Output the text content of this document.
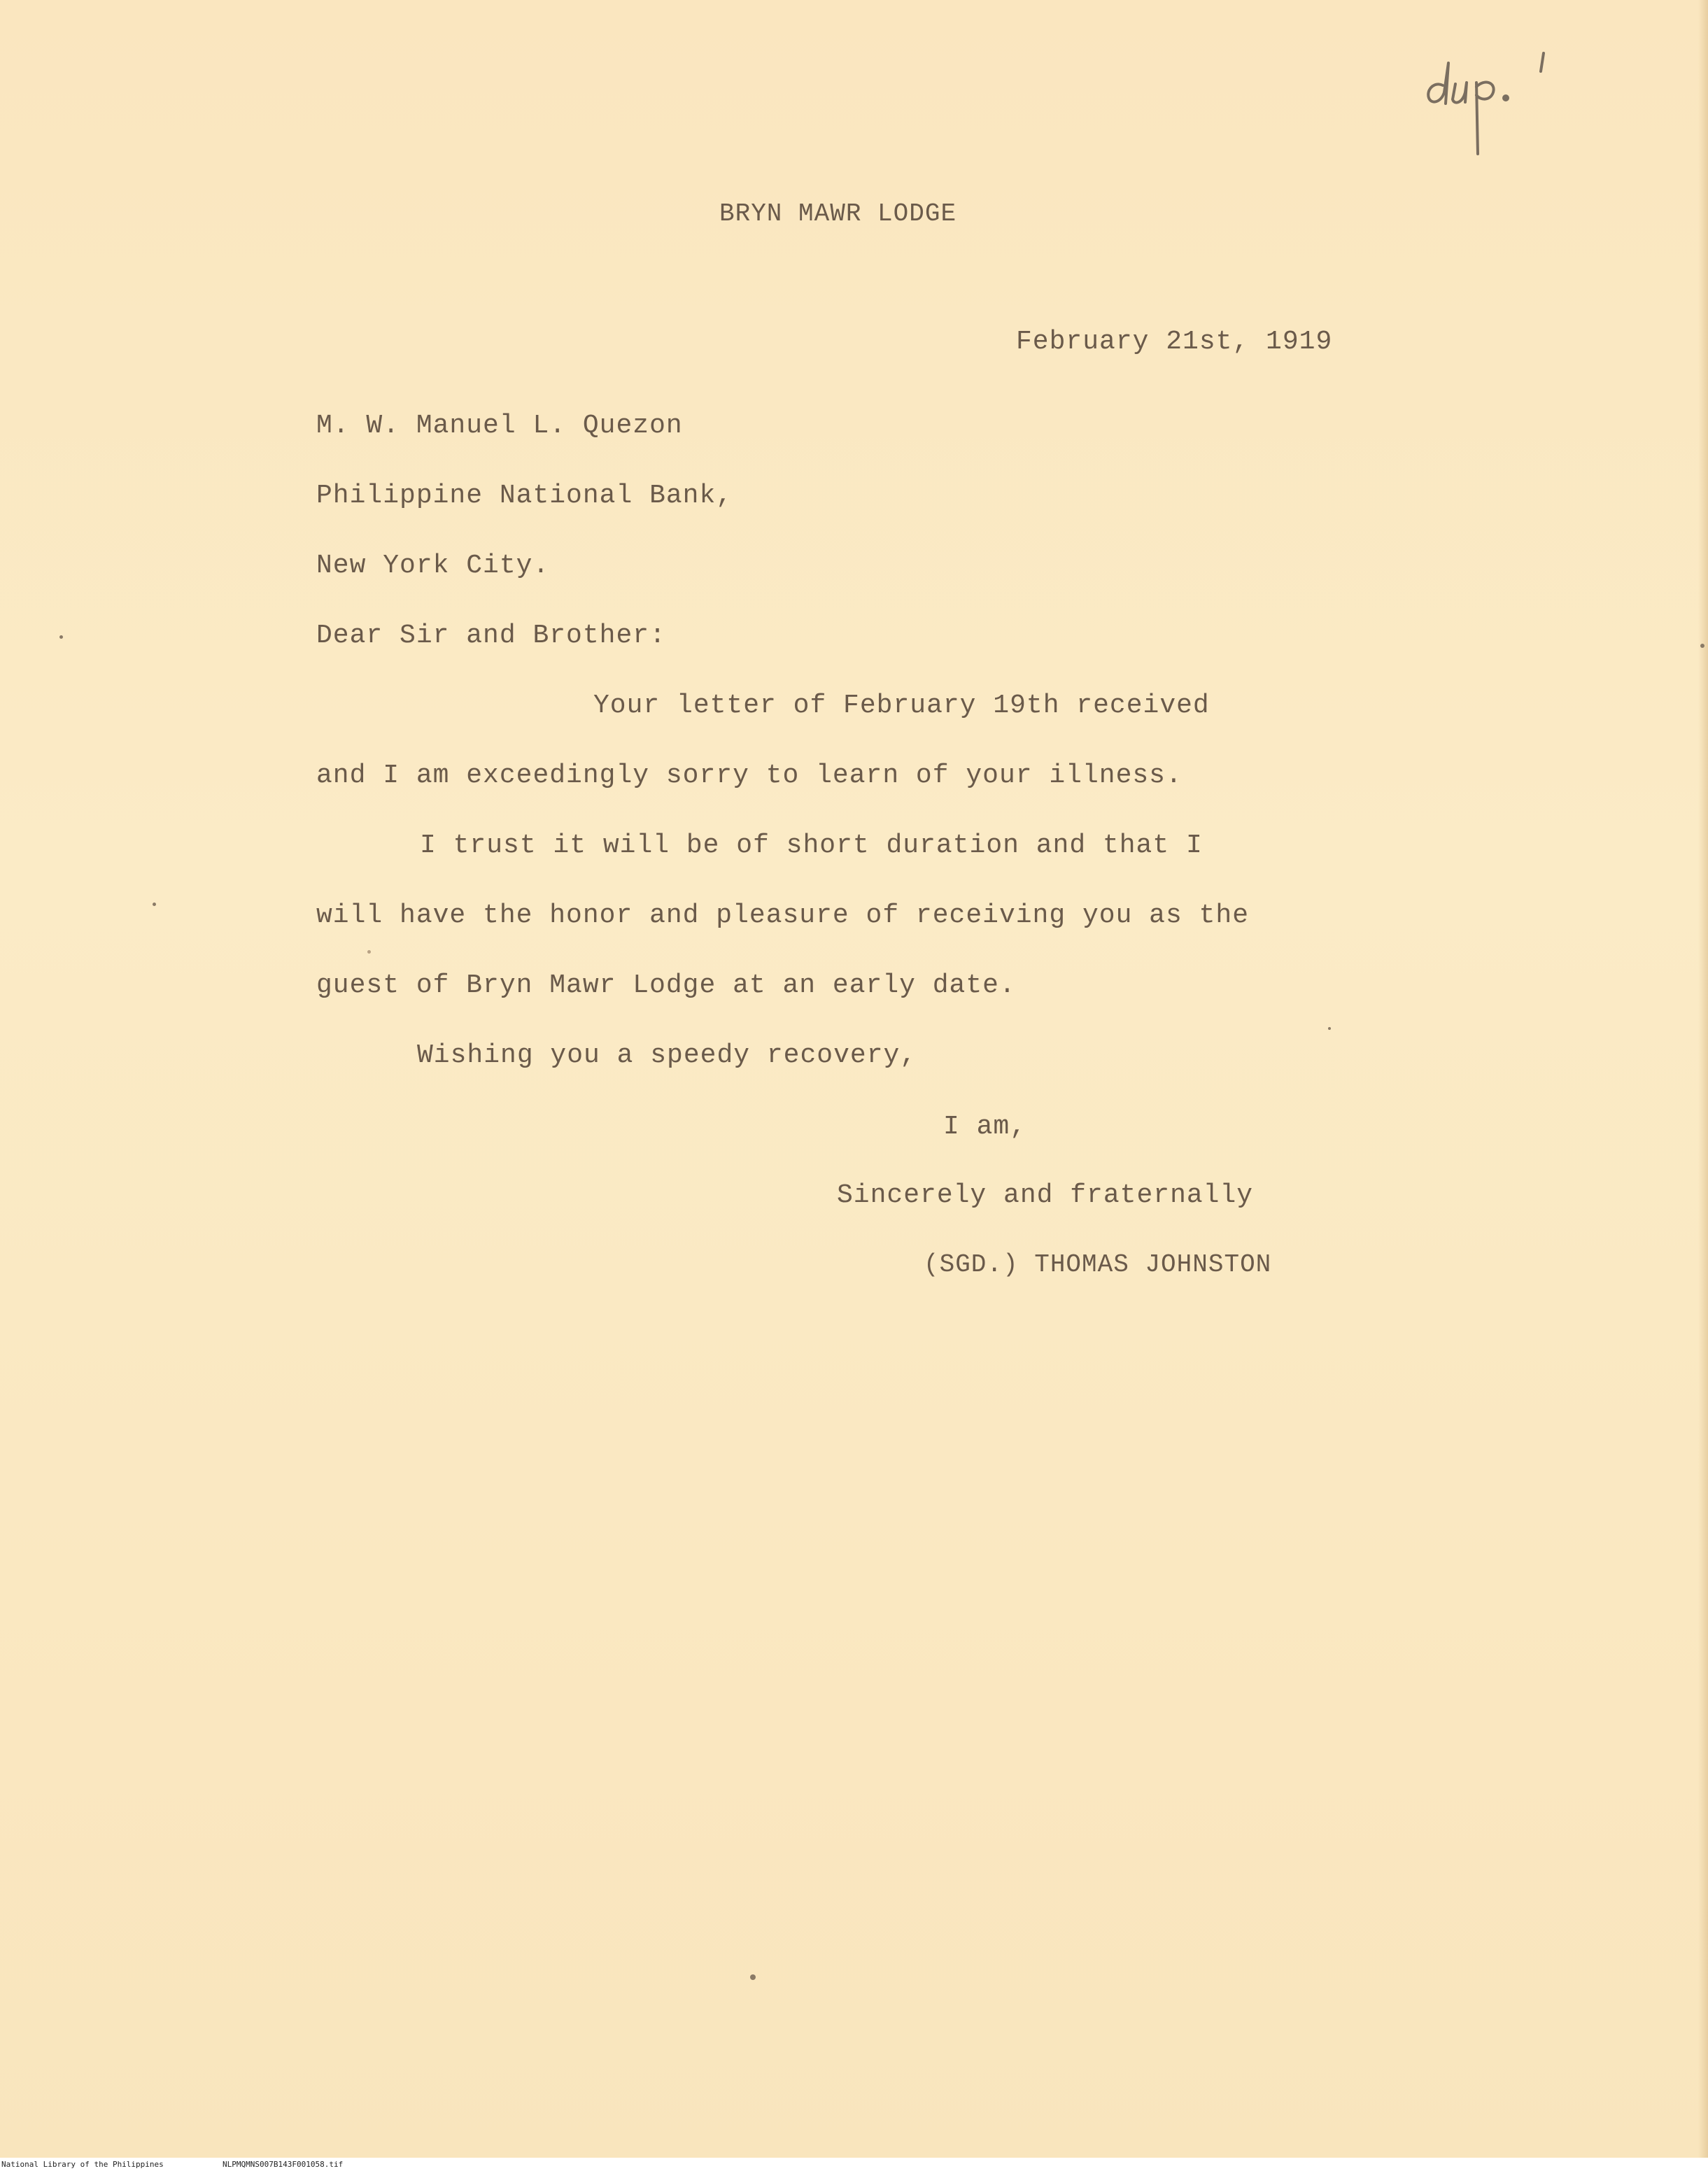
BRYN MAWR LODGE
February 21st, 1919
M. W. Manuel L. Quezon
Philippine National Bank,
New York City.
Dear Sir and Brother:
Your letter of February 19th received
and I am exceedingly sorry to learn of your illness.
I trust it will be of short duration and that I
will have the honor and pleasure of receiving you as the
guest of Bryn Mawr Lodge at an early date.
Wishing you a speedy recovery,
I am,
Sincerely and fraternally
(SGD.) THOMAS JOHNSTON
National Library of the Philippines	NLPMQMNS007B143F001058.tif
